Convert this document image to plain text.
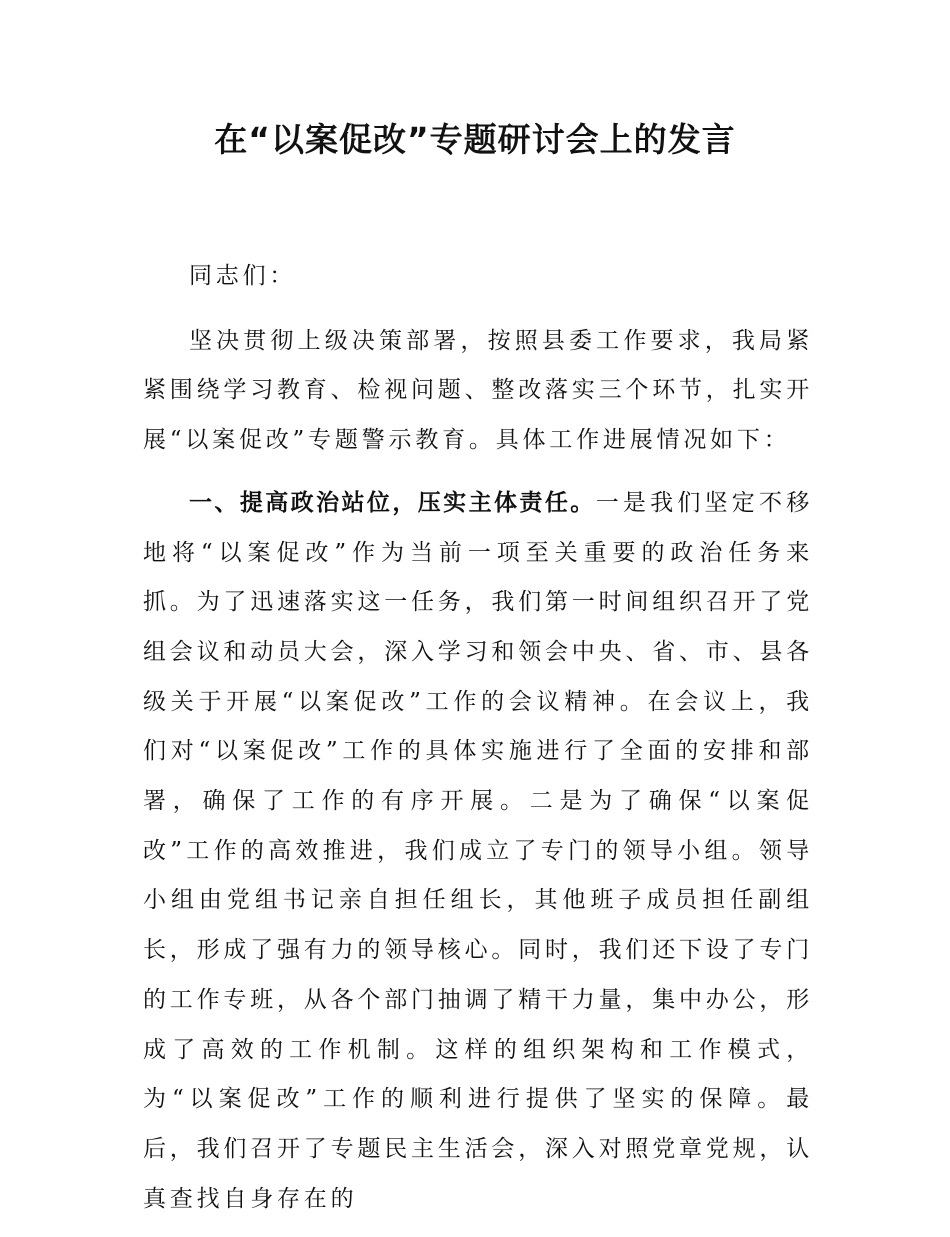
在“以案促改”专题研讨会上的发言

同志们：

坚决贯彻上级决策部署，按照县委工作要求，我局紧紧围绕学习教育、检视问题、整改落实三个环节，扎实开展“以案促改”专题警示教育。具体工作进展情况如下：

一、提高政治站位，压实主体责任。一是我们坚定不移地将“以案促改”作为当前一项至关重要的政治任务来抓。为了迅速落实这一任务，我们第一时间组织召开了党组会议和动员大会，深入学习和领会中央、省、市、县各级关于开展“以案促改”工作的会议精神。在会议上，我们对“以案促改”工作的具体实施进行了全面的安排和部署，确保了工作的有序开展。二是为了确保“以案促改”工作的高效推进，我们成立了专门的领导小组。领导小组由党组书记亲自担任组长，其他班子成员担任副组长，形成了强有力的领导核心。同时，我们还下设了专门的工作专班，从各个部门抽调了精干力量，集中办公，形成了高效的工作机制。这样的组织架构和工作模式，为“以案促改”工作的顺利进行提供了坚实的保障。最后，我们召开了专题民主生活会，深入对照党章党规，认真查找自身存在的
